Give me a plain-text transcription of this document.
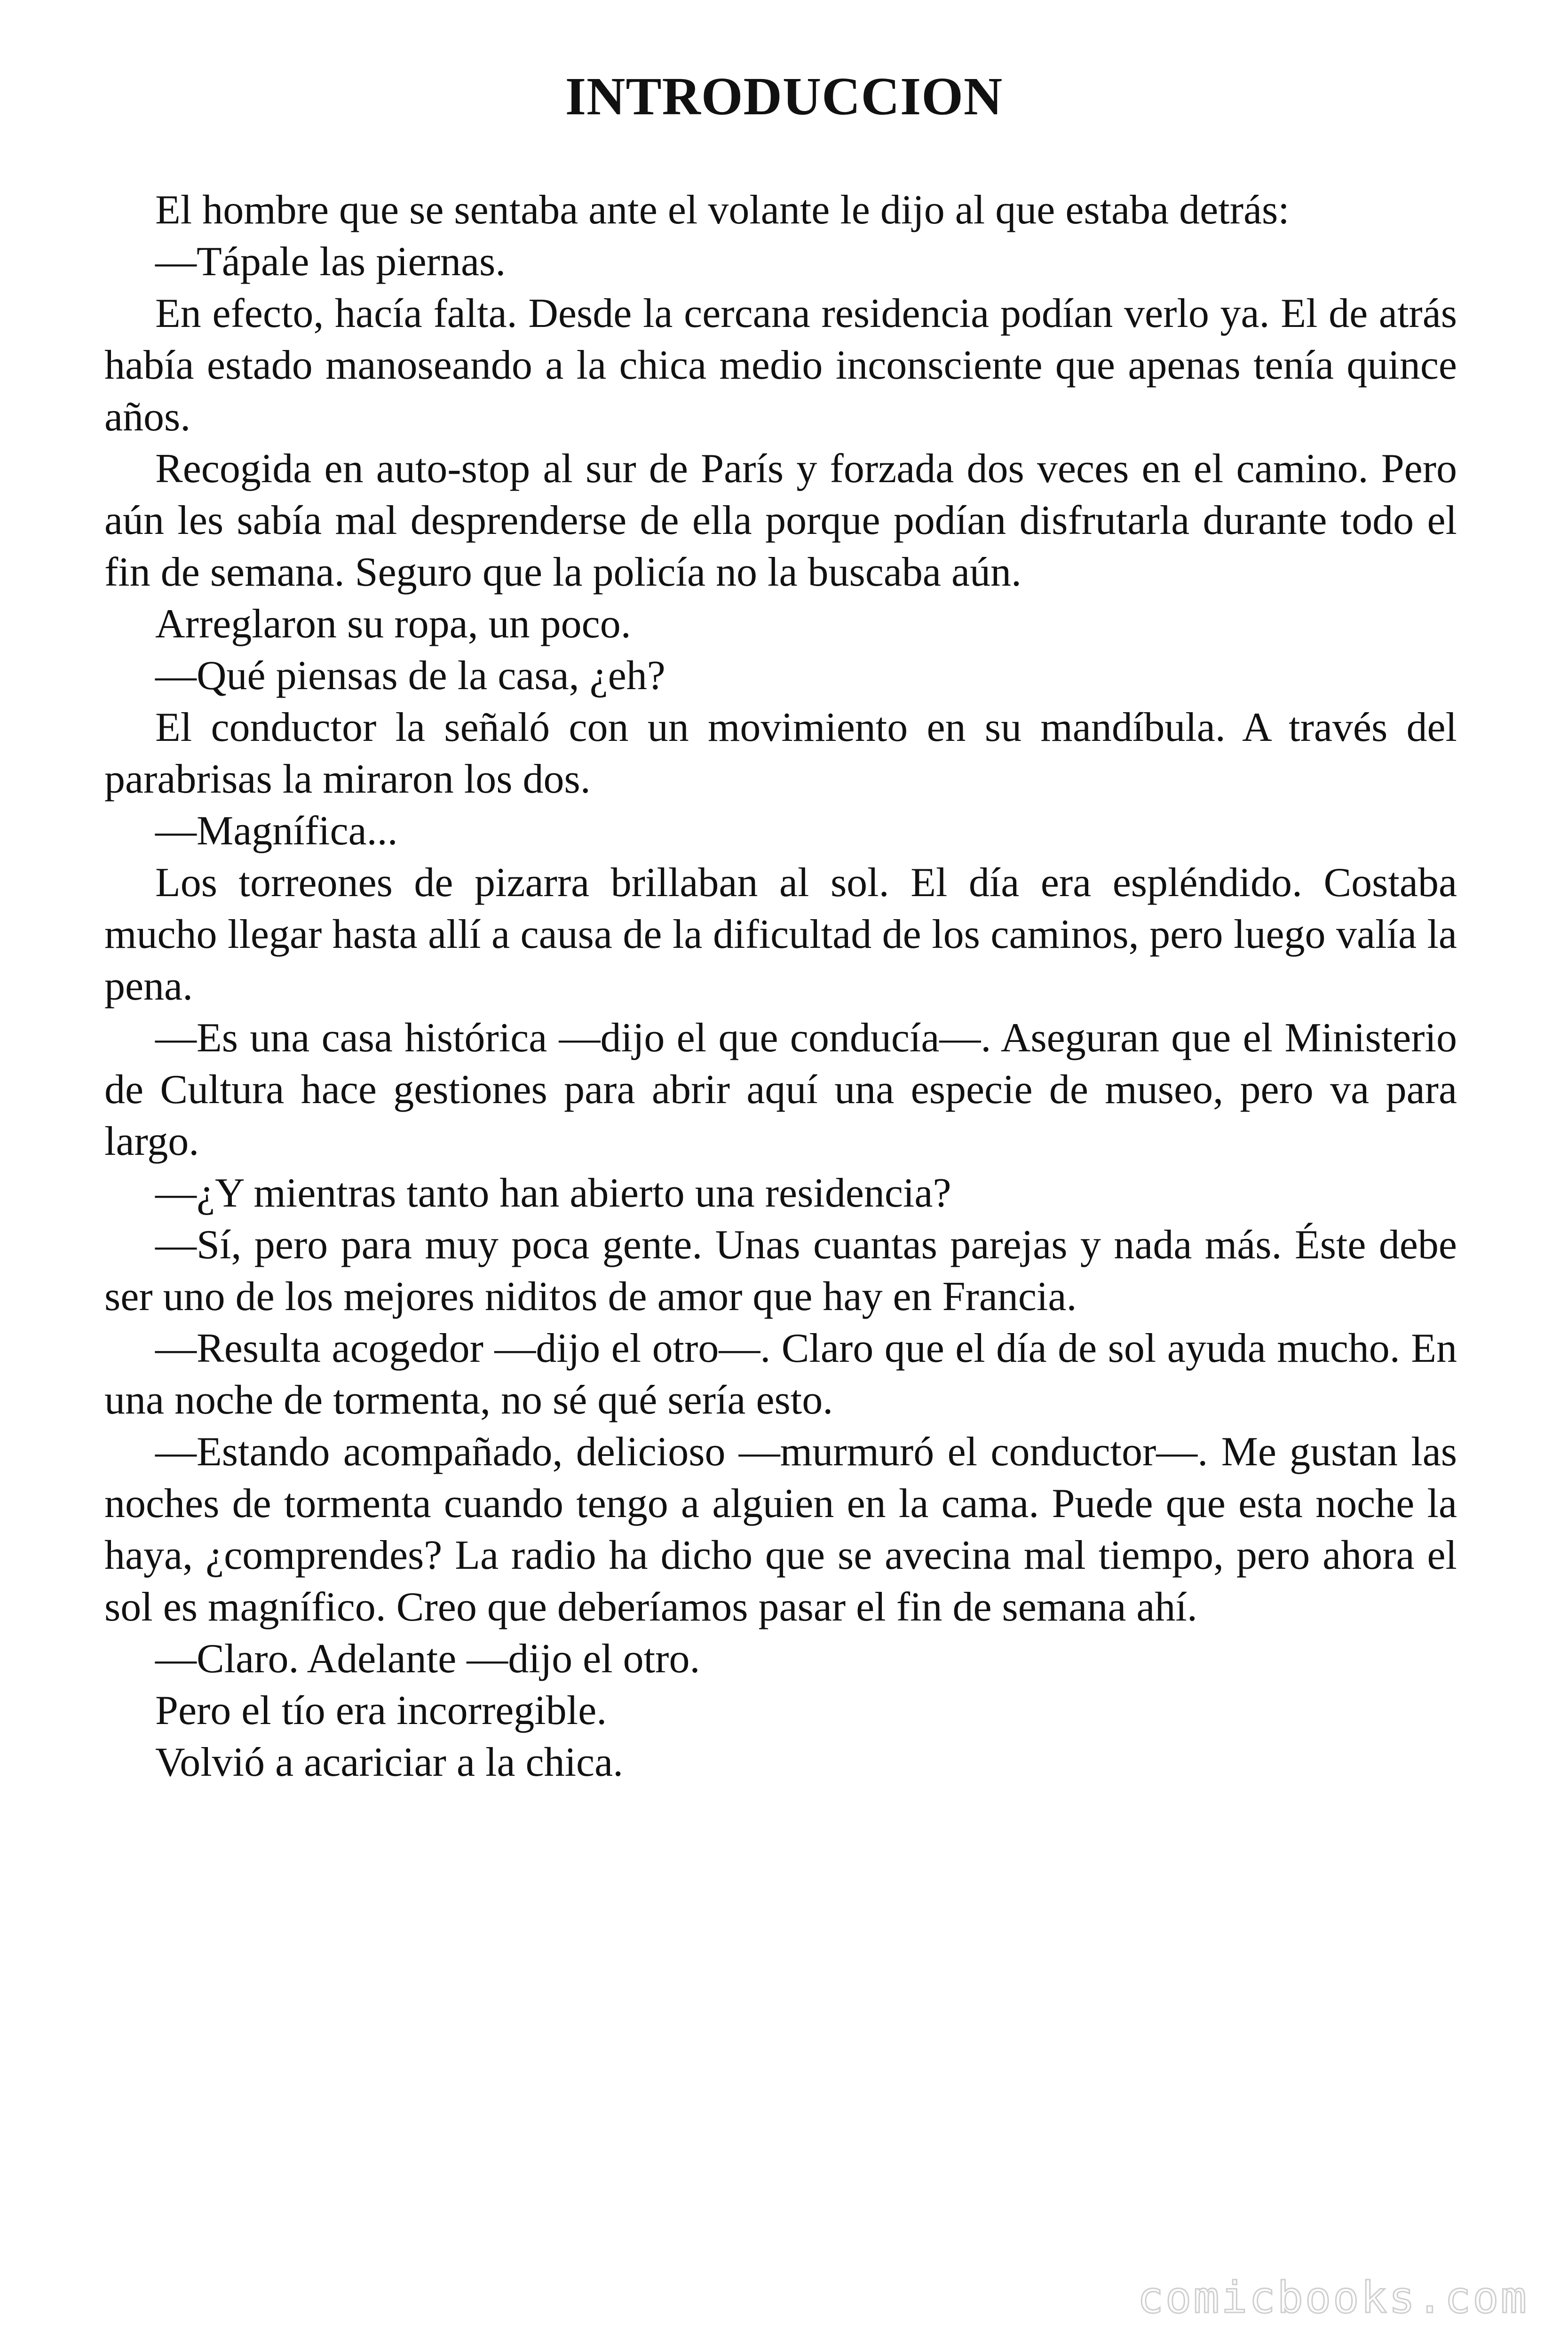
INTRODUCCION

El hombre que se sentaba ante el volante le dijo al que estaba detrás:

—Tápale las piernas.

En efecto, hacía falta. Desde la cercana residencia podían verlo ya. El de atrás había estado manoseando a la chica medio inconsciente que apenas tenía quince años.

Recogida en auto-stop al sur de París y forzada dos veces en el camino. Pero aún les sabía mal desprenderse de ella porque podían disfrutarla durante todo el fin de semana. Seguro que la policía no la buscaba aún.

Arreglaron su ropa, un poco.

—Qué piensas de la casa, ¿eh?

El conductor la señaló con un movimiento en su mandíbula. A través del parabrisas la miraron los dos.

—Magnífica...

Los torreones de pizarra brillaban al sol. El día era espléndido. Costaba mucho llegar hasta allí a causa de la dificultad de los caminos, pero luego valía la pena.

—Es una casa histórica —dijo el que conducía—. Aseguran que el Ministerio de Cultura hace gestiones para abrir aquí una especie de museo, pero va para largo.

—¿Y mientras tanto han abierto una residencia?

—Sí, pero para muy poca gente. Unas cuantas parejas y nada más. Éste debe ser uno de los mejores niditos de amor que hay en Francia.

—Resulta acogedor —dijo el otro—. Claro que el día de sol ayuda mucho. En una noche de tormenta, no sé qué sería esto.

—Estando acompañado, delicioso —murmuró el conductor—. Me gustan las noches de tormenta cuando tengo a alguien en la cama. Puede que esta noche la haya, ¿comprendes? La radio ha dicho que se avecina mal tiempo, pero ahora el sol es magnífico. Creo que deberíamos pasar el fin de semana ahí.

—Claro. Adelante —dijo el otro.

Pero el tío era incorregible.

Volvió a acariciar a la chica.

comicbooks.com
